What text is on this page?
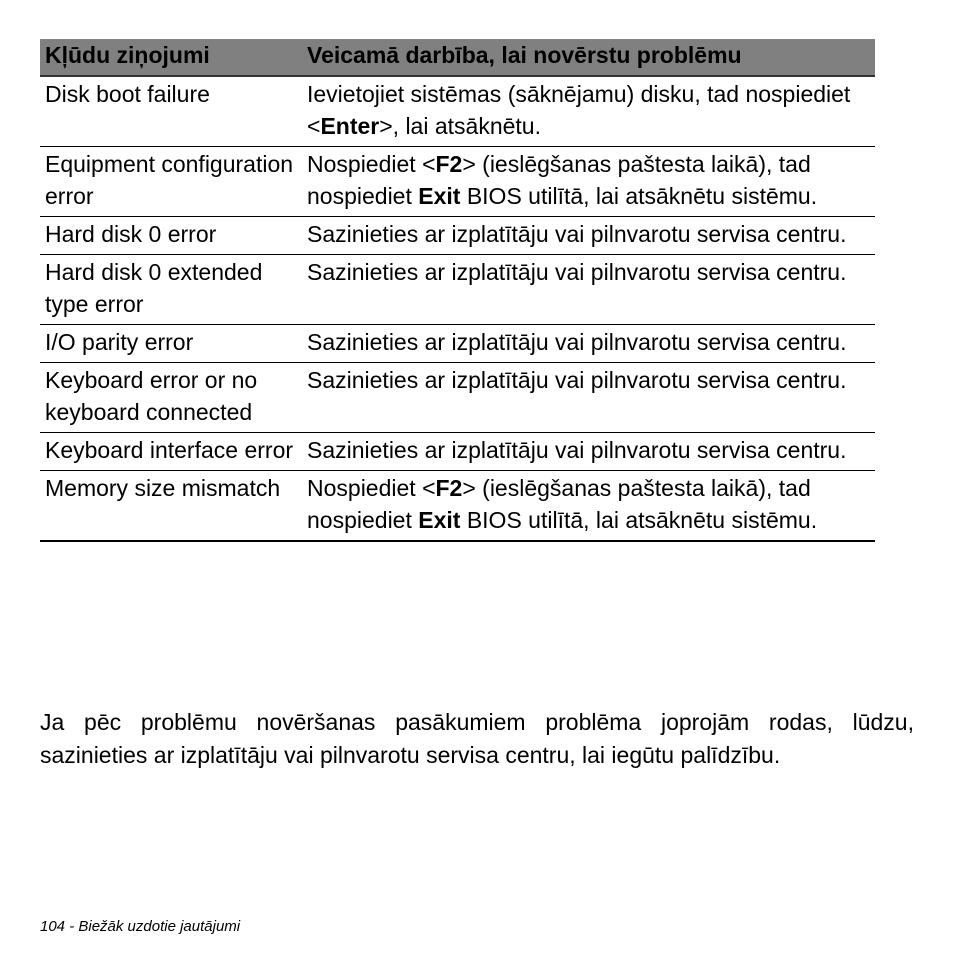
Kļūdu ziņojumi	Veicamā darbība, lai novērstu problēmu
Disk boot failure	Ievietojiet sistēmas (sāknējamu) disku, tad nospiediet <Enter>, lai atsāknētu.
Equipment configuration error	Nospiediet <F2> (ieslēgšanas paštesta laikā), tad nospiediet Exit BIOS utilītā, lai atsāknētu sistēmu.
Hard disk 0 error	Sazinieties ar izplatītāju vai pilnvarotu servisa centru.
Hard disk 0 extended type error	Sazinieties ar izplatītāju vai pilnvarotu servisa centru.
I/O parity error	Sazinieties ar izplatītāju vai pilnvarotu servisa centru.
Keyboard error or no keyboard connected	Sazinieties ar izplatītāju vai pilnvarotu servisa centru.
Keyboard interface error	Sazinieties ar izplatītāju vai pilnvarotu servisa centru.
Memory size mismatch	Nospiediet <F2> (ieslēgšanas paštesta laikā), tad nospiediet Exit BIOS utilītā, lai atsāknētu sistēmu.

Ja pēc problēmu novēršanas pasākumiem problēma joprojām rodas, lūdzu, sazinieties ar izplatītāju vai pilnvarotu servisa centru, lai iegūtu palīdzību.

104 - Biežāk uzdotie jautājumi
